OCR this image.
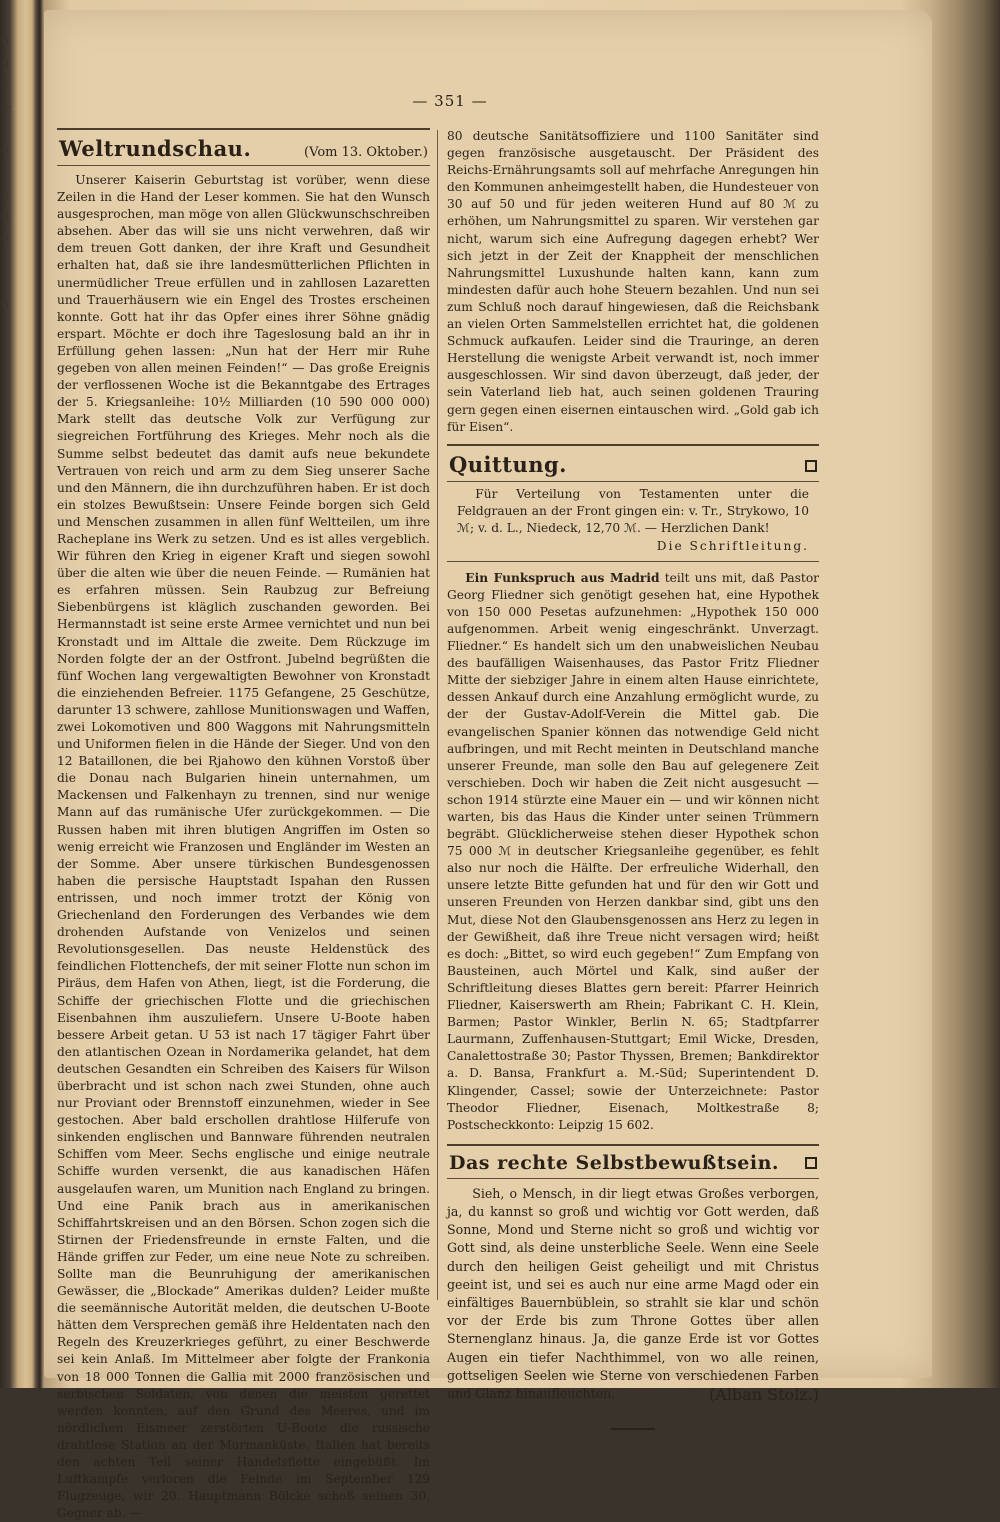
n
g
s
s-
e
t
e
it
e
l,
r
h
t
r
,
c
t
t
t
i
— 351 —
Weltrundschau.	(Vom 13. Oktober.)

Unserer Kaiserin Geburtstag ist vorüber, wenn diese Zeilen in die Hand der Leser kommen. Sie hat den Wunsch ausgesprochen, man möge von allen Glückwunschschreiben absehen. Aber das will sie uns nicht verwehren, daß wir dem treuen Gott danken, der ihre Kraft und Gesundheit erhalten hat, daß sie ihre landesmütterlichen Pflichten in unermüdlicher Treue erfüllen und in zahllosen Lazaretten und Trauerhäusern wie ein Engel des Trostes erscheinen konnte. Gott hat ihr das Opfer eines ihrer Söhne gnädig erspart. Möchte er doch ihre Tageslosung bald an ihr in Erfüllung gehen lassen: „Nun hat der Herr mir Ruhe gegeben von allen meinen Feinden!“ — Das große Ereignis der verflossenen Woche ist die Bekanntgabe des Ertrages der 5. Kriegsanleihe: 10½ Milliarden (10 590 000 000) Mark stellt das deutsche Volk zur Verfügung zur siegreichen Fortführung des Krieges. Mehr noch als die Summe selbst bedeutet das damit aufs neue bekundete Vertrauen von reich und arm zu dem Sieg unserer Sache und den Männern, die ihn durchzuführen haben. Er ist doch ein stolzes Bewußtsein: Unsere Feinde borgen sich Geld und Menschen zusammen in allen fünf Weltteilen, um ihre Racheplane ins Werk zu setzen. Und es ist alles vergeblich. Wir führen den Krieg in eigener Kraft und siegen sowohl über die alten wie über die neuen Feinde. — Rumänien hat es erfahren müssen. Sein Raubzug zur Befreiung Siebenbürgens ist kläglich zuschanden geworden. Bei Hermannstadt ist seine erste Armee vernichtet und nun bei Kronstadt und im Alttale die zweite. Dem Rückzuge im Norden folgte der an der Ostfront. Jubelnd begrüßten die fünf Wochen lang vergewaltigten Bewohner von Kronstadt die einziehenden Befreier. 1175 Gefangene, 25 Geschütze, darunter 13 schwere, zahllose Munitionswagen und Waffen, zwei Lokomotiven und 800 Waggons mit Nahrungsmitteln und Uniformen fielen in die Hände der Sieger. Und von den 12 Bataillonen, die bei Rjahowo den kühnen Vorstoß über die Donau nach Bulgarien hinein unternahmen, um Mackensen und Falkenhayn zu trennen, sind nur wenige Mann auf das rumänische Ufer zurückgekommen. — Die Russen haben mit ihren blutigen Angriffen im Osten so wenig erreicht wie Franzosen und Engländer im Westen an der Somme. Aber unsere türkischen Bundesgenossen haben die persische Hauptstadt Ispahan den Russen entrissen, und noch immer trotzt der König von Griechenland den Forderungen des Verbandes wie dem drohenden Aufstande von Venizelos und seinen Revolutionsgesellen. Das neuste Heldenstück des feindlichen Flottenchefs, der mit seiner Flotte nun schon im Piräus, dem Hafen von Athen, liegt, ist die Forderung, die Schiffe der griechischen Flotte und die griechischen Eisenbahnen ihm auszuliefern. Unsere U-Boote haben bessere Arbeit getan. U 53 ist nach 17 tägiger Fahrt über den atlantischen Ozean in Nordamerika gelandet, hat dem deutschen Gesandten ein Schreiben des Kaisers für Wilson überbracht und ist schon nach zwei Stunden, ohne auch nur Proviant oder Brennstoff einzunehmen, wieder in See gestochen. Aber bald erschollen drahtlose Hilferufe von sinkenden englischen und Bannware führenden neutralen Schiffen vom Meer. Sechs englische und einige neutrale Schiffe wurden versenkt, die aus kanadischen Häfen ausgelaufen waren, um Munition nach England zu bringen. Und eine Panik brach aus in amerikanischen Schiffahrtskreisen und an den Börsen. Schon zogen sich die Stirnen der Friedensfreunde in ernste Falten, und die Hände griffen zur Feder, um eine neue Note zu schreiben. Sollte man die Beunruhigung der amerikanischen Gewässer, die „Blockade“ Amerikas dulden? Leider mußte die seemännische Autorität melden, die deutschen U-Boote hätten dem Versprechen gemäß ihre Heldentaten nach den Regeln des Kreuzerkrieges geführt, zu einer Beschwerde sei kein Anlaß. Im Mittelmeer aber folgte der Frankonia von 18 000 Tonnen die Gallia mit 2000 französischen und serbischen Soldaten, von denen die meisten gerettet werden konnten, auf den Grund des Meeres, und im nördlichen Eismeer zerstörten U-Boote die russische drahtlose Station an der Murmanküste. Italien hat bereits den achten Teil seiner Handelsflotte eingebüßt. Im Luftkampfe verloren die Feinde im September 129 Flugzeuge, wir 20. Hauptmann Bölcke schoß seinen 30. Gegner ab. —

80 deutsche Sanitätsoffiziere und 1100 Sanitäter sind gegen französische ausgetauscht. Der Präsident des Reichs-Ernährungsamts soll auf mehrfache Anregungen hin den Kommunen anheimgestellt haben, die Hundesteuer von 30 auf 50 und für jeden weiteren Hund auf 80 ℳ zu erhöhen, um Nahrungsmittel zu sparen. Wir verstehen gar nicht, warum sich eine Aufregung dagegen erhebt? Wer sich jetzt in der Zeit der Knappheit der menschlichen Nahrungsmittel Luxushunde halten kann, kann zum mindesten dafür auch hohe Steuern bezahlen. Und nun sei zum Schluß noch darauf hingewiesen, daß die Reichsbank an vielen Orten Sammelstellen errichtet hat, die goldenen Schmuck aufkaufen. Leider sind die Trauringe, an deren Herstellung die wenigste Arbeit verwandt ist, noch immer ausgeschlossen. Wir sind davon überzeugt, daß jeder, der sein Vaterland lieb hat, auch seinen goldenen Trauring gern gegen einen eisernen eintauschen wird. „Gold gab ich für Eisen“.

Quittung.

Für Verteilung von Testamenten unter die Feldgrauen an der Front gingen ein: v. Tr., Strykowo, 10 ℳ; v. d. L., Niedeck, 12,70 ℳ. — Herzlichen Dank!

Die Schriftleitung.

Ein Funkspruch aus Madrid teilt uns mit, daß Pastor Georg Fliedner sich genötigt gesehen hat, eine Hypothek von 150 000 Pesetas aufzunehmen: „Hypothek 150 000 aufgenommen. Arbeit wenig eingeschränkt. Unverzagt. Fliedner.“ Es handelt sich um den unabweislichen Neubau des baufälligen Waisenhauses, das Pastor Fritz Fliedner Mitte der siebziger Jahre in einem alten Hause einrichtete, dessen Ankauf durch eine Anzahlung ermöglicht wurde, zu der der Gustav-Adolf-Verein die Mittel gab. Die evangelischen Spanier können das notwendige Geld nicht aufbringen, und mit Recht meinten in Deutschland manche unserer Freunde, man solle den Bau auf gelegenere Zeit verschieben. Doch wir haben die Zeit nicht ausgesucht — schon 1914 stürzte eine Mauer ein — und wir können nicht warten, bis das Haus die Kinder unter seinen Trümmern begräbt. Glücklicherweise stehen dieser Hypothek schon 75 000 ℳ in deutscher Kriegsanleihe gegenüber, es fehlt also nur noch die Hälfte. Der erfreuliche Widerhall, den unsere letzte Bitte gefunden hat und für den wir Gott und unseren Freunden von Herzen dankbar sind, gibt uns den Mut, diese Not den Glaubensgenossen ans Herz zu legen in der Gewißheit, daß ihre Treue nicht versagen wird; heißt es doch: „Bittet, so wird euch gegeben!“ Zum Empfang von Bausteinen, auch Mörtel und Kalk, sind außer der Schriftleitung dieses Blattes gern bereit: Pfarrer Heinrich Fliedner, Kaiserswerth am Rhein; Fabrikant C. H. Klein, Barmen; Pastor Winkler, Berlin N. 65; Stadtpfarrer Laurmann, Zuffenhausen-Stuttgart; Emil Wicke, Dresden, Canalettostraße 30; Pastor Thyssen, Bremen; Bankdirektor a. D. Bansa, Frankfurt a. M.-Süd; Superintendent D. Klingender, Cassel; sowie der Unterzeichnete: Pastor Theodor Fliedner, Eisenach, Moltkestraße 8; Postscheckkonto: Leipzig 15 602.

Das rechte Selbstbewußtsein.

Sieh, o Mensch, in dir liegt etwas Großes verborgen, ja, du kannst so groß und wichtig vor Gott werden, daß Sonne, Mond und Sterne nicht so groß und wichtig vor Gott sind, als deine unsterbliche Seele. Wenn eine Seele durch den heiligen Geist geheiligt und mit Christus geeint ist, und sei es auch nur eine arme Magd oder ein einfältiges Bauernbüblein, so strahlt sie klar und schön vor der Erde bis zum Throne Gottes über allen Sternenglanz hinaus. Ja, die ganze Erde ist vor Gottes Augen ein tiefer Nachthimmel, von wo alle reinen, gottseligen Seelen wie Sterne von verschiedenen Farben und Glanz hinaufleuchten.	(Alban Stolz.)
